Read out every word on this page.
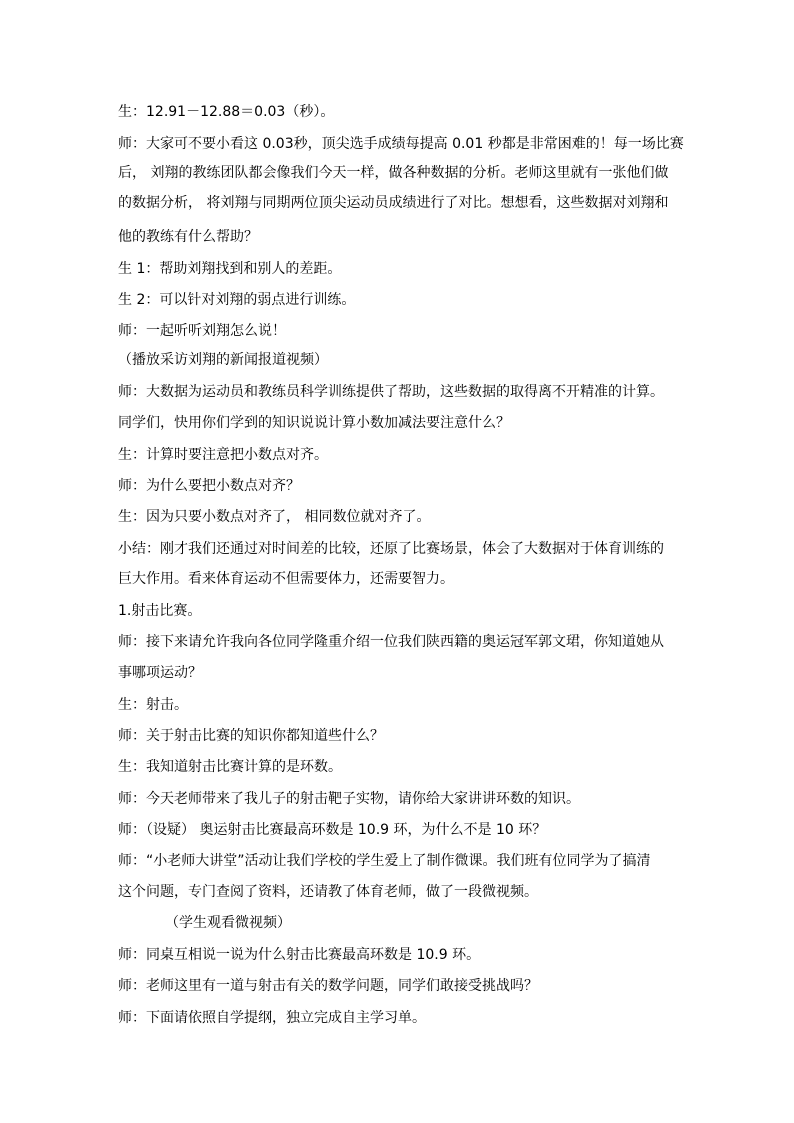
生：12.91－12.88＝0.03（秒）。
师：大家可不要小看这 0.03秒，顶尖选手成绩每提高 0.01 秒都是非常困难的！每一场比赛
后， 刘翔的教练团队都会像我们今天一样，做各种数据的分析。老师这里就有一张他们做
的数据分析， 将刘翔与同期两位顶尖运动员成绩进行了对比。想想看，这些数据对刘翔和
他的教练有什么帮助？
生 1：帮助刘翔找到和别人的差距。
生 2：可以针对刘翔的弱点进行训练。
师：一起听听刘翔怎么说！
（播放采访刘翔的新闻报道视频）
师：大数据为运动员和教练员科学训练提供了帮助，这些数据的取得离不开精准的计算。
同学们，快用你们学到的知识说说计算小数加减法要注意什么？
生：计算时要注意把小数点对齐。
师：为什么要把小数点对齐？
生：因为只要小数点对齐了， 相同数位就对齐了。
小结：刚才我们还通过对时间差的比较，还原了比赛场景，体会了大数据对于体育训练的
巨大作用。看来体育运动不但需要体力，还需要智力。
1.射击比赛。
师：接下来请允许我向各位同学隆重介绍一位我们陕西籍的奥运冠军郭文珺，你知道她从
事哪项运动？
生：射击。
师：关于射击比赛的知识你都知道些什么？
生：我知道射击比赛计算的是环数。
师：今天老师带来了我儿子的射击靶子实物，请你给大家讲讲环数的知识。
师：（设疑） 奥运射击比赛最高环数是 10.9 环，为什么不是 10 环？
师：“小老师大讲堂”活动让我们学校的学生爱上了制作微课。我们班有位同学为了搞清
这个问题，专门查阅了资料，还请教了体育老师，做了一段微视频。
（学生观看微视频）
师：同桌互相说一说为什么射击比赛最高环数是 10.9 环。
师：老师这里有一道与射击有关的数学问题，同学们敢接受挑战吗？
师：下面请依照自学提纲，独立完成自主学习单。
